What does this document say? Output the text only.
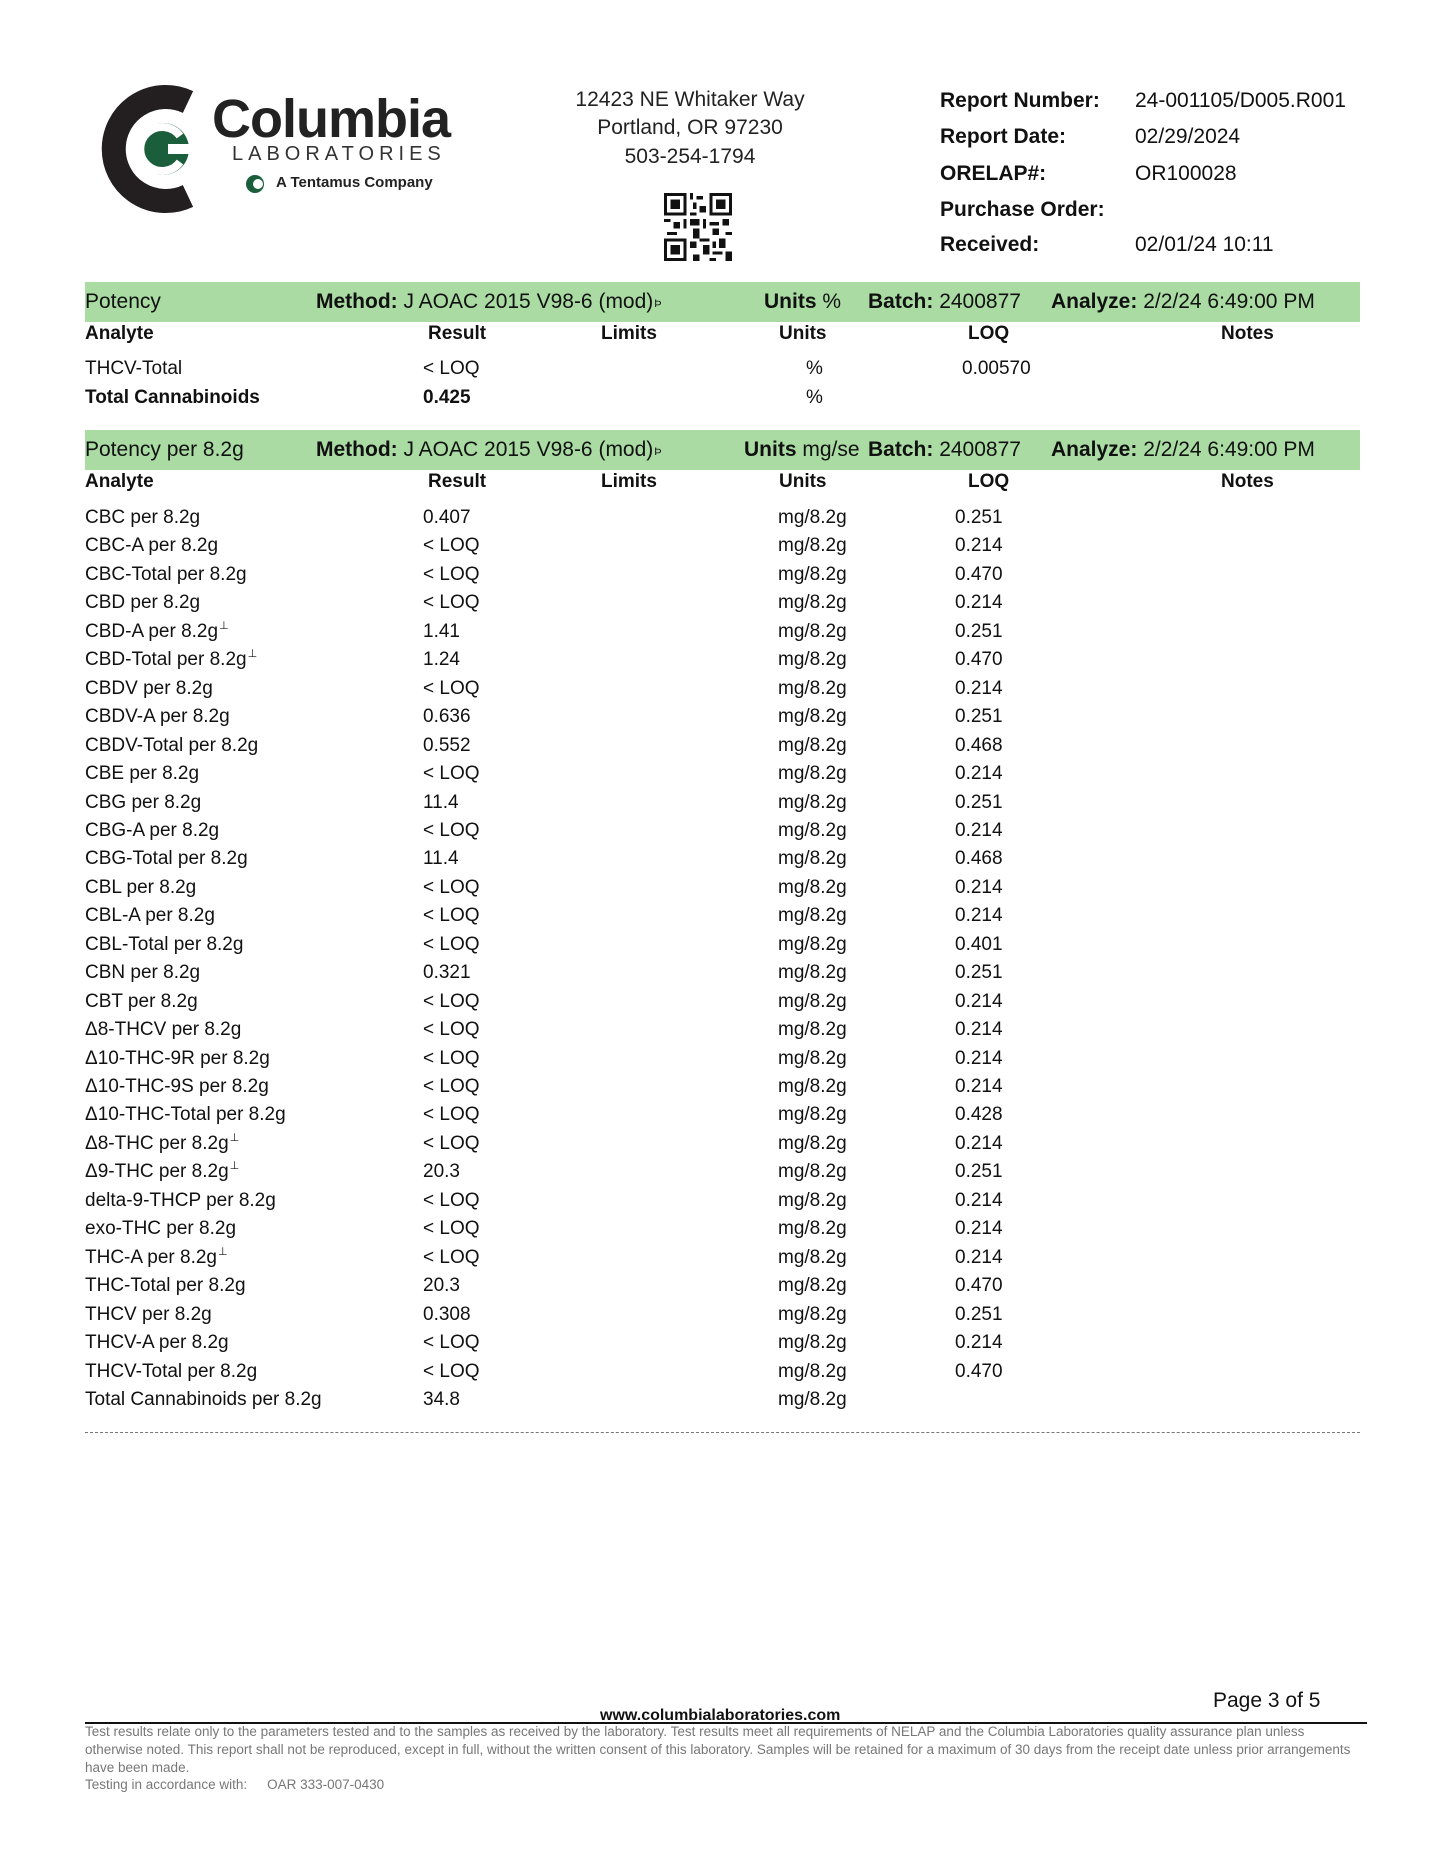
Columbia
LABORATORIES
A Tentamus Company
12423 NE Whitaker Way
Portland, OR 97230
503-254-1794
Report Number: 24-001105/D005.R001
Report Date:	02/29/2024
ORELAP#:	OR100028
Purchase Order:
Received:	02/01/24 10:11
Potency	Method: J AOAC 2015 V98-6 (mod)$^Þ$	Units % Batch: 2400877 Analyze: 2/2/24 6:49:00 PM
Analyte	Result	Limits	Units	LOQ	Notes
THCV-Total	< LOQ	%	0.00570
Total Cannabinoids	0.425	%
Potency per 8.2g	Method: J AOAC 2015 V98-6 (mod)$^Þ$	Units mg/se Batch: 2400877 Analyze: 2/2/24 6:49:00 PM
Analyte	Result	Limits	Units	LOQ	Notes
CBC per 8.2g	0.407	mg/8.2g	0.251
CBC-A per 8.2g	< LOQ	mg/8.2g	0.214
CBC-Total per 8.2g	< LOQ	mg/8.2g	0.470
CBD per 8.2g	< LOQ	mg/8.2g	0.214
CBD-A per 8.2g⊥	1.41	mg/8.2g	0.251
CBD-Total per 8.2g⊥	1.24	mg/8.2g	0.470
CBDV per 8.2g	< LOQ	mg/8.2g	0.214
CBDV-A per 8.2g	0.636	mg/8.2g	0.251
CBDV-Total per 8.2g	0.552	mg/8.2g	0.468
CBE per 8.2g	< LOQ	mg/8.2g	0.214
CBG per 8.2g	11.4	mg/8.2g	0.251
CBG-A per 8.2g	< LOQ	mg/8.2g	0.214
CBG-Total per 8.2g	11.4	mg/8.2g	0.468
CBL per 8.2g	< LOQ	mg/8.2g	0.214
CBL-A per 8.2g	< LOQ	mg/8.2g	0.214
CBL-Total per 8.2g	< LOQ	mg/8.2g	0.401
CBN per 8.2g	0.321	mg/8.2g	0.251
CBT per 8.2g	< LOQ	mg/8.2g	0.214
Δ8-THCV per 8.2g	< LOQ	mg/8.2g	0.214
Δ10-THC-9R per 8.2g	< LOQ	mg/8.2g	0.214
Δ10-THC-9S per 8.2g	< LOQ	mg/8.2g	0.214
Δ10-THC-Total per 8.2g	< LOQ	mg/8.2g	0.428
Δ8-THC per 8.2g⊥	< LOQ	mg/8.2g	0.214
Δ9-THC per 8.2g⊥	20.3	mg/8.2g	0.251
delta-9-THCP per 8.2g	< LOQ	mg/8.2g	0.214
exo-THC per 8.2g	< LOQ	mg/8.2g	0.214
THC-A per 8.2g⊥	< LOQ	mg/8.2g	0.214
THC-Total per 8.2g	20.3	mg/8.2g	0.470
THCV per 8.2g	0.308	mg/8.2g	0.251
THCV-A per 8.2g	< LOQ	mg/8.2g	0.214
THCV-Total per 8.2g	< LOQ	mg/8.2g	0.470
Total Cannabinoids per 8.2g	34.8	mg/8.2g
Page 3 of 5
www.columbialaboratories.com
Test results relate only to the parameters tested and to the samples as received by the laboratory. Test results meet all requirements of NELAP and the Columbia Laboratories quality assurance plan unless otherwise noted. This report shall not be reproduced, except in full, without the written consent of this laboratory. Samples will be retained for a maximum of 30 days from the receipt date unless prior arrangements have been made.
Testing in accordance with: OAR 333-007-0430
